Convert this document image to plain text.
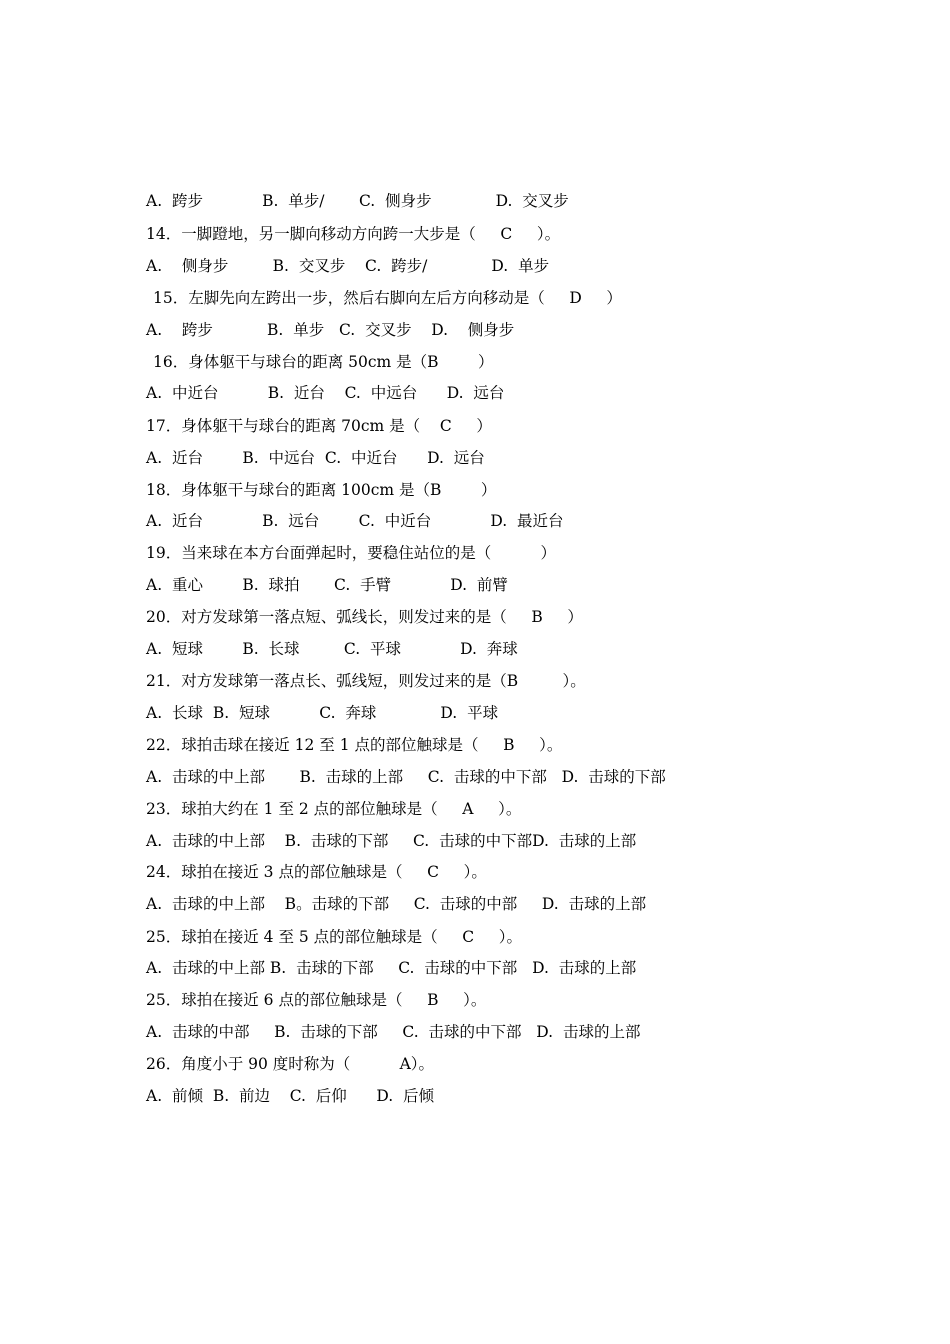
A.  跨步            B.  单步/       C.  侧身步             D.  交叉步
14．一脚蹬地，另一脚向移动方向跨一大步是（     C     ）。
A.    侧身步         B.  交叉步    C.  跨步/             D.  单步
15．左脚先向左跨出一步，然后右脚向左后方向移动是（     D     ）
A.    跨步           B.  单步   C.  交叉步    D.    侧身步
16．身体躯干与球台的距离 50cm 是（B        ）
A.  中近台          B.  近台    C.  中远台      D.  远台
17．身体躯干与球台的距离 70cm 是（    C     ）
A.  近台        B.  中远台  C.  中近台      D.  远台
18．身体躯干与球台的距离 100cm 是（B        ）
A.  近台            B.  远台        C.  中近台            D.  最近台
19．当来球在本方台面弹起时，要稳住站位的是（          ）
A.  重心        B.  球拍       C.  手臂            D.  前臂
20．对方发球第一落点短、弧线长，则发过来的是（     B     ）
A.  短球        B.  长球         C.  平球            D.  奔球
21．对方发球第一落点长、弧线短，则发过来的是（B         ）。
A.  长球  B.  短球          C.  奔球             D.  平球
22．球拍击球在接近 12 至 1 点的部位触球是（     B     ）。
A.  击球的中上部       B.  击球的上部     C.  击球的中下部   D.  击球的下部
23．球拍大约在 1 至 2 点的部位触球是（     A     ）。
A.  击球的中上部    B.  击球的下部     C.  击球的中下部D.  击球的上部
24．球拍在接近 3 点的部位触球是（     C     ）。
A.  击球的中上部    B。击球的下部     C.  击球的中部     D.  击球的上部
25．球拍在接近 4 至 5 点的部位触球是（     C     ）。
A.  击球的中上部 B.  击球的下部     C.  击球的中下部   D.  击球的上部
25．球拍在接近 6 点的部位触球是（     B     ）。
A.  击球的中部     B.  击球的下部     C.  击球的中下部   D.  击球的上部
26．角度小于 90 度时称为（          A）。
A.  前倾  B.  前边    C.  后仰      D.  后倾
